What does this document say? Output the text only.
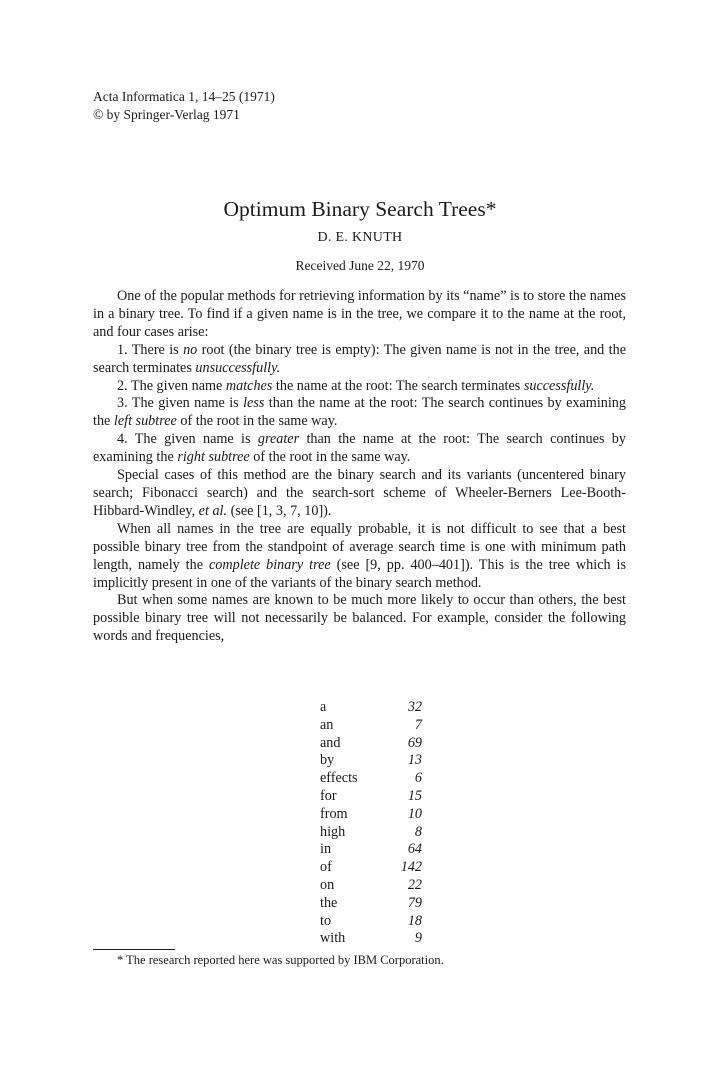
Acta Informatica 1, 14–25 (1971)
© by Springer-Verlag 1971
Optimum Binary Search Trees*
D. E. KNUTH
Received June 22, 1970

One of the popular methods for retrieving information by its “name” is to store the names in a binary tree. To find if a given name is in the tree, we compare it to the name at the root, and four cases arise:

1. There is no root (the binary tree is empty): The given name is not in the tree, and the search terminates unsuccessfully.

2. The given name matches the name at the root: The search terminates successfully.

3. The given name is less than the name at the root: The search continues by examining the left subtree of the root in the same way.

4. The given name is greater than the name at the root: The search continues by examining the right subtree of the root in the same way.

Special cases of this method are the binary search and its variants (uncentered binary search; Fibonacci search) and the search-sort scheme of Wheeler-Berners Lee-Booth-Hibbard-Windley, et al. (see [1, 3, 7, 10]).

When all names in the tree are equally probable, it is not difficult to see that a best possible binary tree from the standpoint of average search time is one with minimum path length, namely the complete binary tree (see [9, pp. 400–401]). This is the tree which is implicitly present in one of the variants of the binary search method.

But when some names are known to be much more likely to occur than others, the best possible binary tree will not necessarily be balanced. For example, consider the following words and frequencies,

a	32
an	7
and	69
by	13
effects	6
for	15
from	10
high	8
in	64
of	142
on	22
the	79
to	18
with	9
* The research reported here was supported by IBM Corporation.
